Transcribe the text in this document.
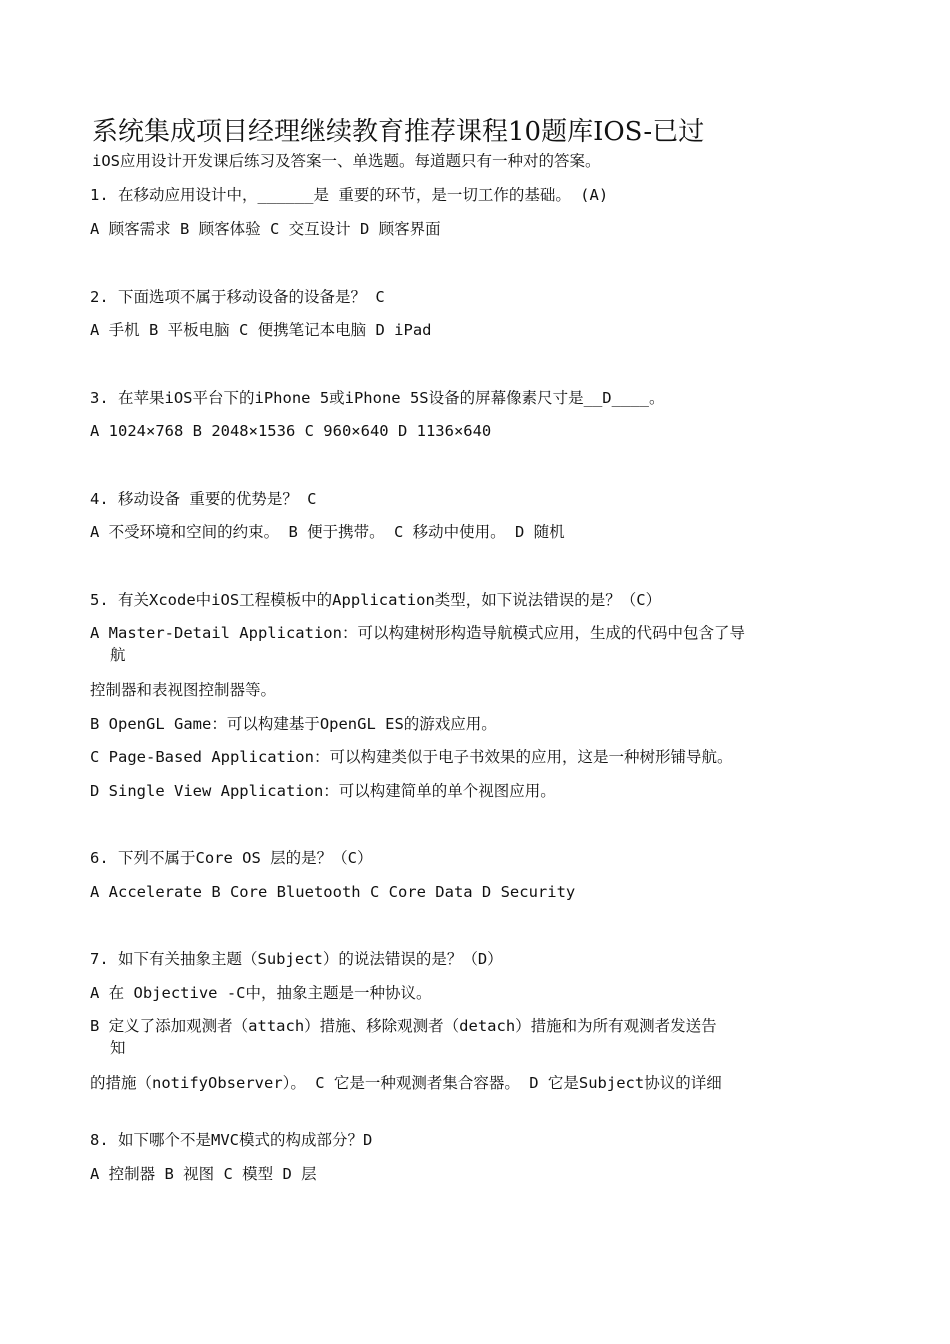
系统集成项目经理继续教育推荐课程10题库IOS-已过
iOS应用设计开发课后练习及答案一、单选题。每道题只有一种对的答案。
1. 在移动应用设计中，______是 重要的环节，是一切工作的基础。 (A)
A 顾客需求 B 顾客体验 C 交互设计 D 顾客界面
2. 下面选项不属于移动设备的设备是？ C
A 手机 B 平板电脑 C 便携笔记本电脑 D iPad
3. 在苹果iOS平台下的iPhone 5或iPhone 5S设备的屏幕像素尺寸是__D____。
A 1024×768 B 2048×1536 C 960×640 D 1136×640
4. 移动设备 重要的优势是？ C
A 不受环境和空间的约束。 B 便于携带。 C 移动中使用。 D 随机
5. 有关Xcode中iOS工程模板中的Application类型，如下说法错误的是？（C）
A Master-Detail Application：可以构建树形构造导航模式应用，生成的代码中包含了导
航
控制器和表视图控制器等。
B OpenGL Game：可以构建基于OpenGL ES的游戏应用。
C Page-Based Application：可以构建类似于电子书效果的应用，这是一种树形铺导航。
D Single View Application：可以构建简单的单个视图应用。
6. 下列不属于Core OS 层的是？（C）
A Accelerate B Core Bluetooth C Core Data D Security
7. 如下有关抽象主题（Subject）的说法错误的是？（D）
A 在 Objective -C中，抽象主题是一种协议。
B 定义了添加观测者（attach）措施、移除观测者（detach）措施和为所有观测者发送告
知
的措施（notifyObserver）。 C 它是一种观测者集合容器。 D 它是Subject协议的详细
8. 如下哪个不是MVC模式的构成部分？D
A 控制器 B 视图 C 模型 D 层
